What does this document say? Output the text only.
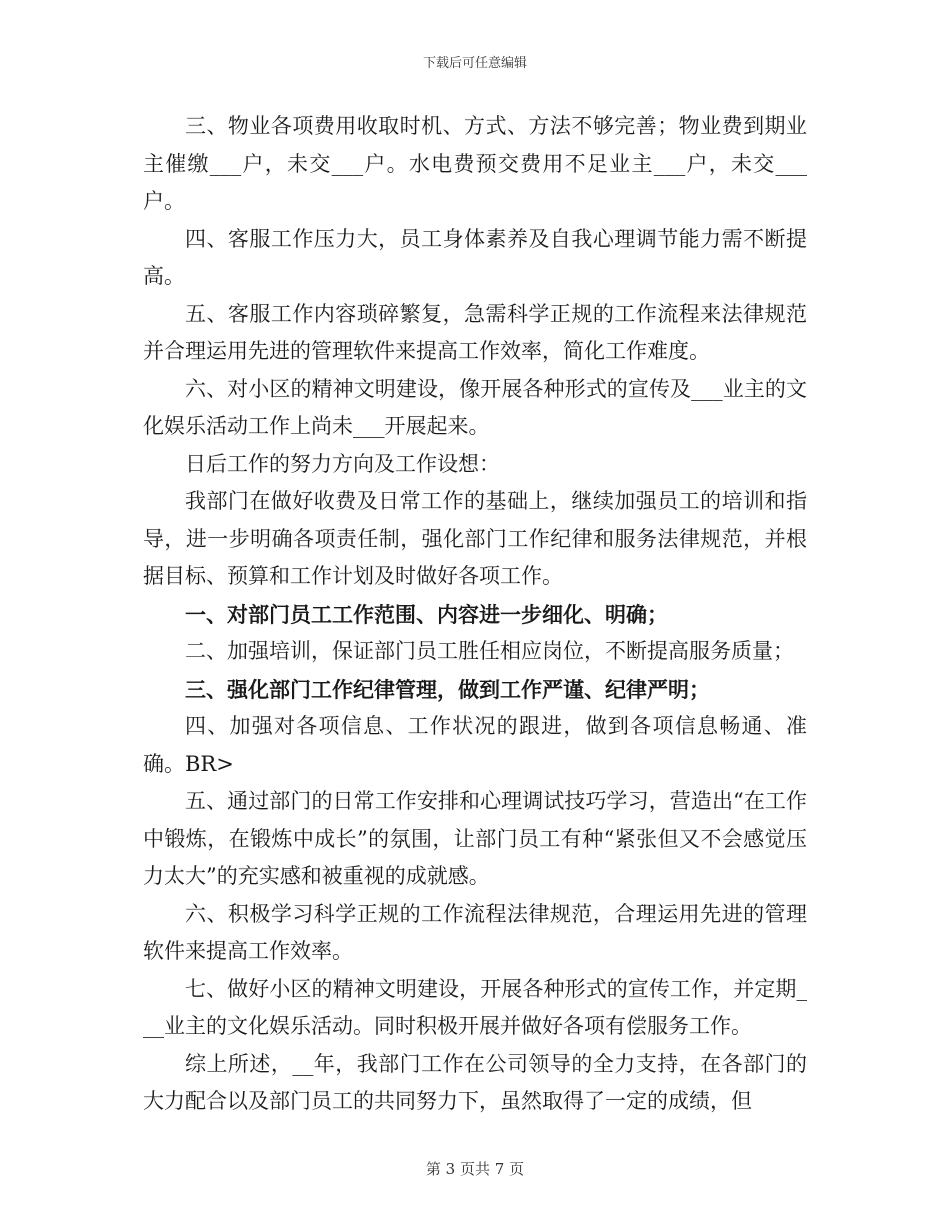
下载后可任意编辑

三、物业各项费用收取时机、方式、方法不够完善；物业费到期业主催缴___户，未交___户。水电费预交费用不足业主___户，未交___户。

四、客服工作压力大，员工身体素养及自我心理调节能力需不断提高。

五、客服工作内容琐碎繁复，急需科学正规的工作流程来法律规范并合理运用先进的管理软件来提高工作效率，简化工作难度。

六、对小区的精神文明建设，像开展各种形式的宣传及___业主的文化娱乐活动工作上尚未___开展起来。

日后工作的努力方向及工作设想：

我部门在做好收费及日常工作的基础上，继续加强员工的培训和指导，进一步明确各项责任制，强化部门工作纪律和服务法律规范，并根据目标、预算和工作计划及时做好各项工作。

一、对部门员工工作范围、内容进一步细化、明确；

二、加强培训，保证部门员工胜任相应岗位，不断提高服务质量；

三、强化部门工作纪律管理，做到工作严谨、纪律严明；

四、加强对各项信息、工作状况的跟进，做到各项信息畅通、准确。BR>

五、通过部门的日常工作安排和心理调试技巧学习，营造出“在工作中锻炼，在锻炼中成长”的氛围，让部门员工有种“紧张但又不会感觉压力太大”的充实感和被重视的成就感。

六、积极学习科学正规的工作流程法律规范，合理运用先进的管理软件来提高工作效率。

七、做好小区的精神文明建设，开展各种形式的宣传工作，并定期___业主的文化娱乐活动。同时积极开展并做好各项有偿服务工作。

综上所述，__年，我部门工作在公司领导的全力支持，在各部门的大力配合以及部门员工的共同努力下，虽然取得了一定的成绩，但

第 3 页共 7 页
